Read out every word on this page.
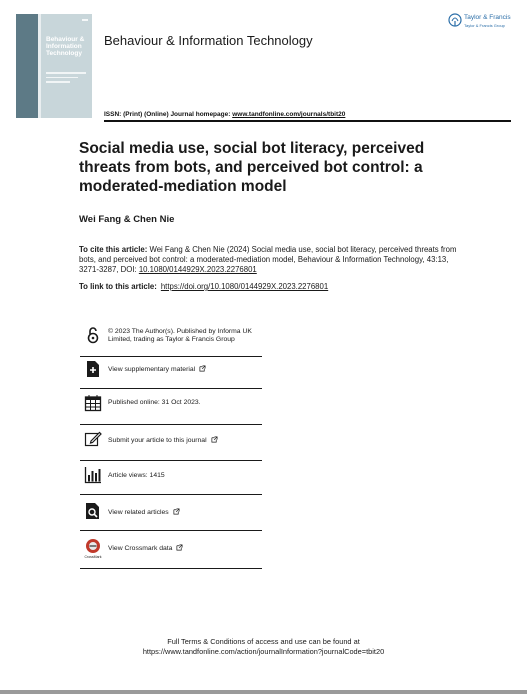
Behaviour & Information Technology
Behaviour & Information Technology
Taylor & Francis
Taylor & Francis Group
ISSN: (Print) (Online) Journal homepage: www.tandfonline.com/journals/tbit20
Social media use, social bot literacy, perceived threats from bots, and perceived bot control: a moderated-mediation model
Wei Fang & Chen Nie
To cite this article: Wei Fang & Chen Nie (2024) Social media use, social bot literacy, perceived threats from bots, and perceived bot control: a moderated-mediation model, Behaviour & Information Technology, 43:13, 3271-3287, DOI: 10.1080/0144929X.2023.2276801
To link to this article: https://doi.org/10.1080/0144929X.2023.2276801
© 2023 The Author(s). Published by Informa UK Limited, trading as Taylor & Francis Group
View supplementary material
Published online: 31 Oct 2023.
Submit your article to this journal
Article views: 1415
View related articles
CrossMark
View Crossmark data
Full Terms & Conditions of access and use can be found at
https://www.tandfonline.com/action/journalInformation?journalCode=tbit20
